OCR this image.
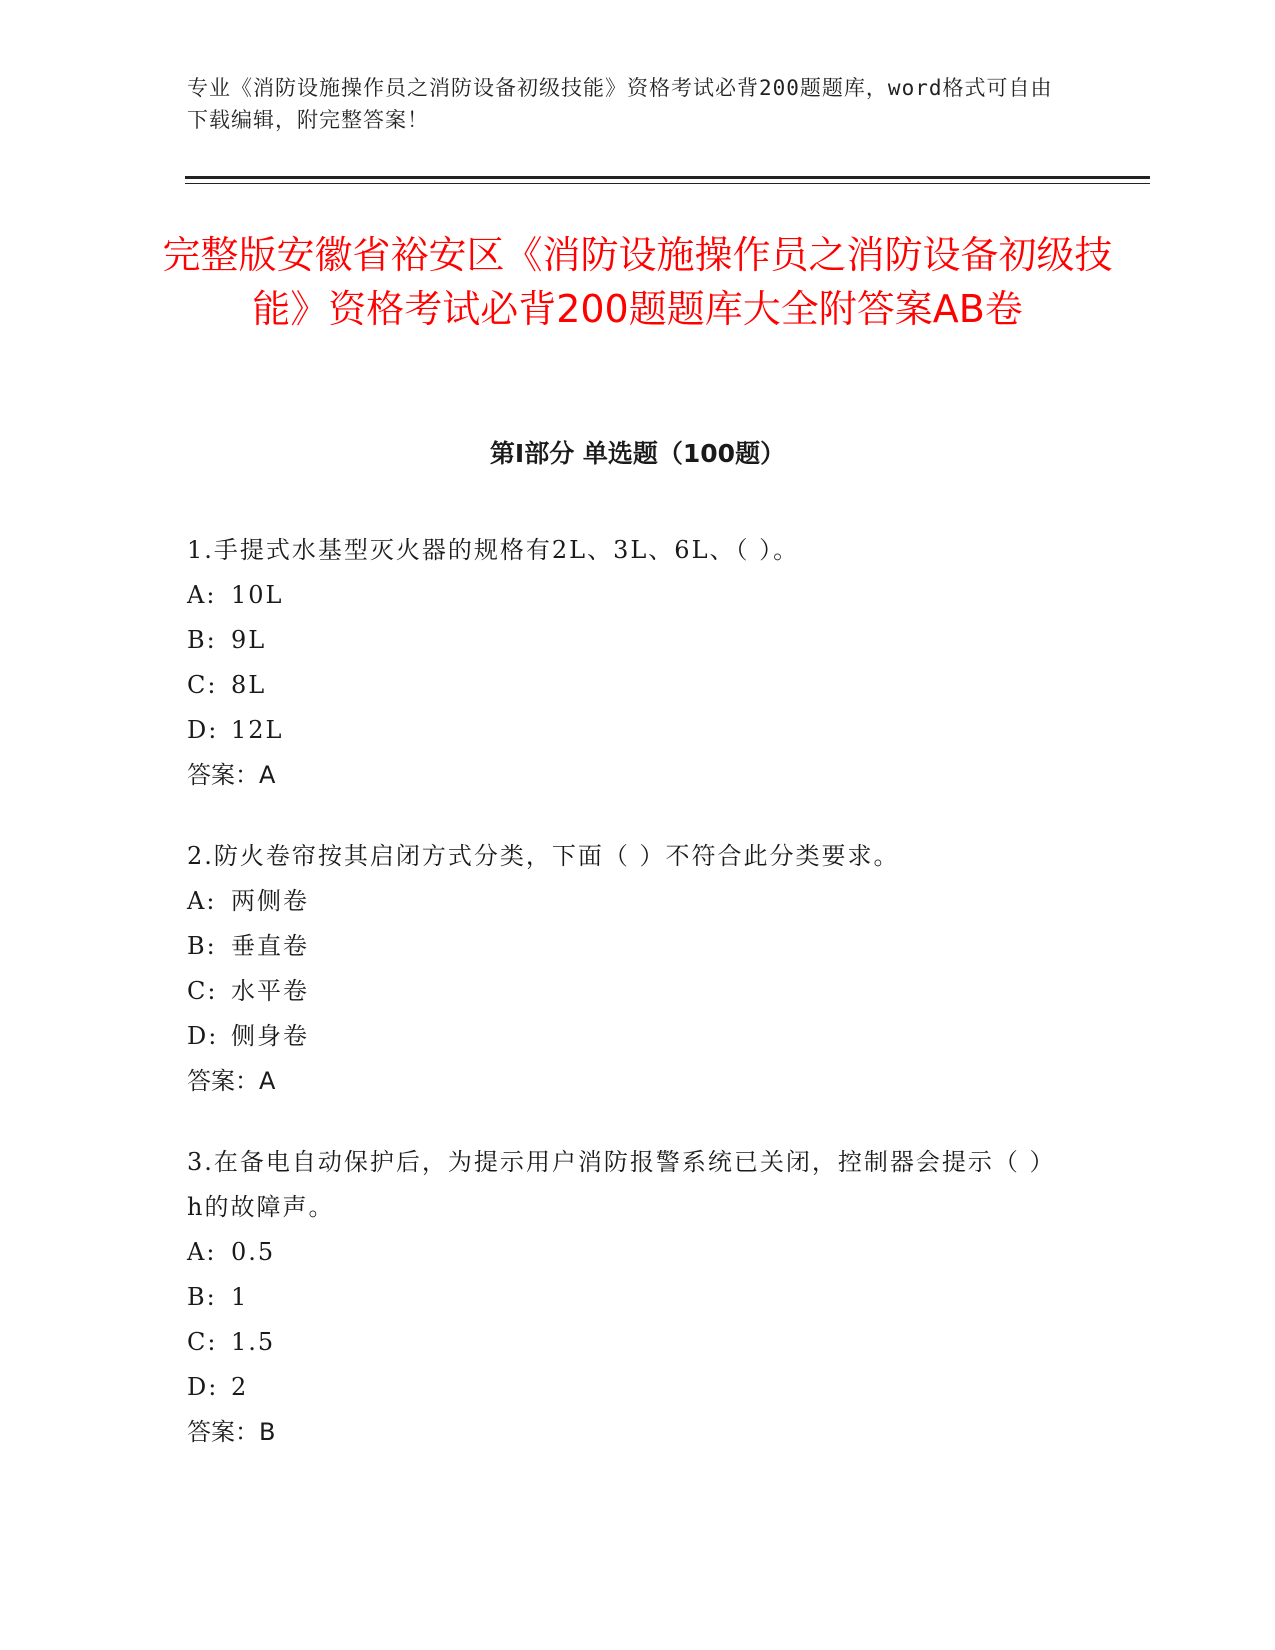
专业《消防设施操作员之消防设备初级技能》资格考试必背200题题库，word格式可自由下载编辑，附完整答案！
完整版安徽省裕安区《消防设施操作员之消防设备初级技能》资格考试必背200题题库大全附答案AB卷
第I部分 单选题（100题）
1.手提式水基型灭火器的规格有2L、3L、6L、（ ）。
A: 10L
B: 9L
C: 8L
D: 12L
答案：A
2.防火卷帘按其启闭方式分类，下面（ ）不符合此分类要求。
A: 两侧卷
B: 垂直卷
C: 水平卷
D: 侧身卷
答案：A
3.在备电自动保护后，为提示用户消防报警系统已关闭，控制器会提示（ ）h的故障声。
A: 0.5
B: 1
C: 1.5
D: 2
答案：B
